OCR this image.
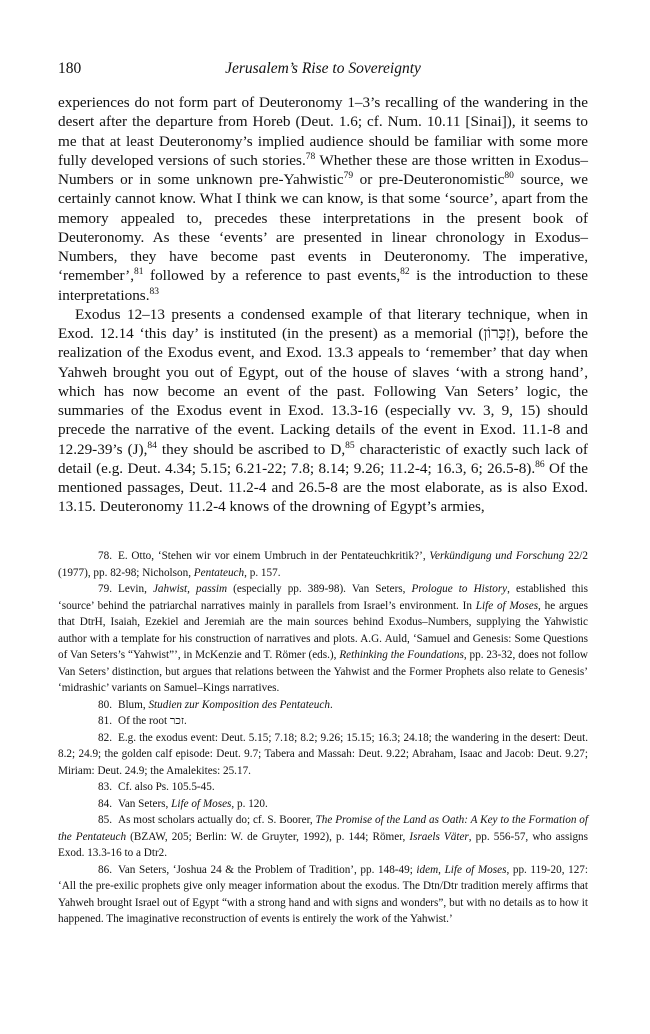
180	Jerusalem’s Rise to Sovereignty

experiences do not form part of Deuteronomy 1–3’s recalling of the wandering in the desert after the departure from Horeb (Deut. 1.6; cf. Num. 10.11 [Sinai]), it seems to me that at least Deuteronomy’s implied audience should be familiar with some more fully developed versions of such stories.$^{78}$ Whether these are those written in Exodus–Numbers or in some unknown pre-Yahwistic$^{79}$ or pre-Deuteronomistic$^{80}$ source, we certainly cannot know. What I think we can know, is that some ‘source’, apart from the memory appealed to, precedes these interpretations in the present book of Deuteronomy. As these ‘events’ are presented in linear chronology in Exodus–Numbers, they have become past events in Deuteronomy. The imperative, ‘remember’,$^{81}$ followed by a reference to past events,$^{82}$ is the introduction to these interpretations.$^{83}$

Exodus 12–13 presents a condensed example of that literary technique, when in Exod. 12.14 ‘this day’ is instituted (in the present) as a memorial (זִכָּרוֹן), before the realization of the Exodus event, and Exod. 13.3 appeals to ‘remember’ that day when Yahweh brought you out of Egypt, out of the house of slaves ‘with a strong hand’, which has now become an event of the past. Following Van Seters’ logic, the summaries of the Exodus event in Exod. 13.3-16 (especially vv. 3, 9, 15) should precede the narrative of the event. Lacking details of the event in Exod. 11.1-8 and 12.29-39’s (J),$^{84}$ they should be ascribed to D,$^{85}$ characteristic of exactly such lack of detail (e.g. Deut. 4.34; 5.15; 6.21-22; 7.8; 8.14; 9.26; 11.2-4; 16.3, 6; 26.5-8).$^{86}$ Of the mentioned passages, Deut. 11.2-4 and 26.5-8 are the most elaborate, as is also Exod. 13.15. Deuteronomy 11.2-4 knows of the drowning of Egypt’s armies,

78. E. Otto, ‘Stehen wir vor einem Umbruch in der Pentateuchkritik?’, Verkündigung und Forschung 22/2 (1977), pp. 82-98; Nicholson, Pentateuch, p. 157.

79. Levin, Jahwist, passim (especially pp. 389-98). Van Seters, Prologue to History, established this ‘source’ behind the patriarchal narratives mainly in parallels from Israel’s environment. In Life of Moses, he argues that DtrH, Isaiah, Ezekiel and Jeremiah are the main sources behind Exodus–Numbers, supplying the Yahwistic author with a template for his construction of narratives and plots. A.G. Auld, ‘Samuel and Genesis: Some Questions of Van Seters’s “Yahwist”’, in McKenzie and T. Römer (eds.), Rethinking the Foundations, pp. 23-32, does not follow Van Seters’ distinction, but argues that relations between the Yahwist and the Former Prophets also relate to Genesis’ ‘midrashic’ variants on Samuel–Kings narratives.

80. Blum, Studien zur Komposition des Pentateuch.

81. Of the root זכר.

82. E.g. the exodus event: Deut. 5.15; 7.18; 8.2; 9.26; 15.15; 16.3; 24.18; the wandering in the desert: Deut. 8.2; 24.9; the golden calf episode: Deut. 9.7; Tabera and Massah: Deut. 9.22; Abraham, Isaac and Jacob: Deut. 9.27; Miriam: Deut. 24.9; the Amalekites: 25.17.

83. Cf. also Ps. 105.5-45.

84. Van Seters, Life of Moses, p. 120.

85. As most scholars actually do; cf. S. Boorer, The Promise of the Land as Oath: A Key to the Formation of the Pentateuch (BZAW, 205; Berlin: W. de Gruyter, 1992), p. 144; Römer, Israels Väter, pp. 556-57, who assigns Exod. 13.3-16 to a Dtr2.

86. Van Seters, ‘Joshua 24 & the Problem of Tradition’, pp. 148-49; idem, Life of Moses, pp. 119-20, 127: ‘All the pre-exilic prophets give only meager information about the exodus. The Dtn/Dtr tradition merely affirms that Yahweh brought Israel out of Egypt “with a strong hand and with signs and wonders”, but with no details as to how it happened. The imaginative reconstruction of events is entirely the work of the Yahwist.’
